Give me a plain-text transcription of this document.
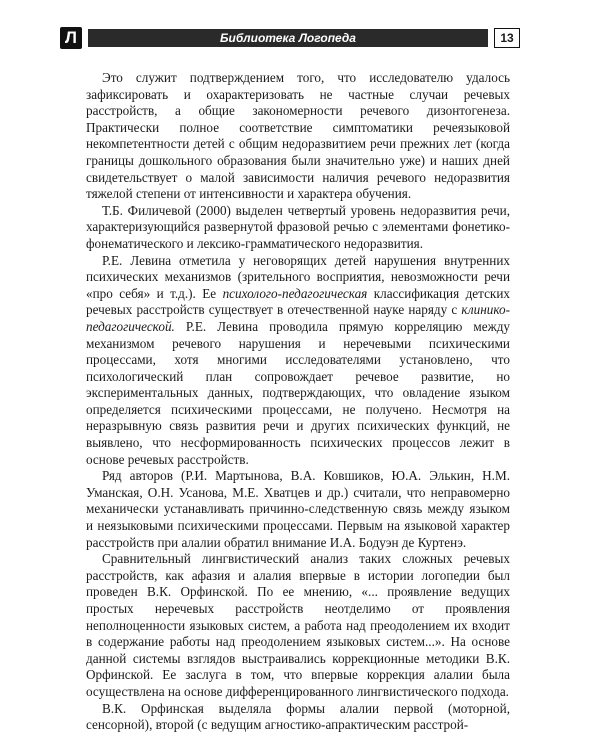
Л	Библиотека Логопеда	13

Это служит подтверждением того, что исследователю удалось зафиксировать и охарактеризовать не частные случаи речевых расстройств, а общие закономерности речевого дизонтогенеза. Практически полное соответствие симптоматики речеязыковой некомпетентности детей с общим недоразвитием речи прежних лет (когда границы дошкольного образования были значительно уже) и наших дней свидетельствует о малой зависимости наличия речевого недоразвития тяжелой степени от интенсивности и характера обучения.

Т.Б. Филичевой (2000) выделен четвертый уровень недоразвития речи, характеризующийся развернутой фразовой речью с элементами фонетико-фонематического и лексико-грамматического недоразвития.

Р.Е. Левина отметила у неговорящих детей нарушения внутренних психических механизмов (зрительного восприятия, невозможности речи «про себя» и т.д.). Ее психолого-педагогическая классификация детских речевых расстройств существует в отечественной науке наряду с клинико-педагогической. Р.Е. Левина проводила прямую корреляцию между механизмом речевого нарушения и неречевыми психическими процессами, хотя многими исследователями установлено, что психологический план сопровождает речевое развитие, но экспериментальных данных, подтверждающих, что овладение языком определяется психическими процессами, не получено. Несмотря на неразрывную связь развития речи и других психических функций, не выявлено, что несформированность психических процессов лежит в основе речевых расстройств.

Ряд авторов (Р.И. Мартынова, В.А. Ковшиков, Ю.А. Элькин, Н.М. Уманская, О.Н. Усанова, М.Е. Хватцев и др.) считали, что неправомерно механически устанавливать причинно-следственную связь между языком и неязыковыми психическими процессами. Первым на языковой характер расстройств при алалии обратил внимание И.А. Бодуэн де Куртенэ.

Сравнительный лингвистический анализ таких сложных речевых расстройств, как афазия и алалия впервые в истории логопедии был проведен В.К. Орфинской. По ее мнению, «... проявление ведущих простых неречевых расстройств неотделимо от проявления неполноценности языковых систем, а работа над преодолением их входит в содержание работы над преодолением языковых систем...». На основе данной системы взглядов выстраивались коррекционные методики В.К. Орфинской. Ее заслуга в том, что впервые коррекция алалии была осуществлена на основе дифференцированного лингвистического подхода.

В.К. Орфинская выделяла формы алалии первой (моторной, сенсорной), второй (с ведущим агностико-апрактическим расстрой-
